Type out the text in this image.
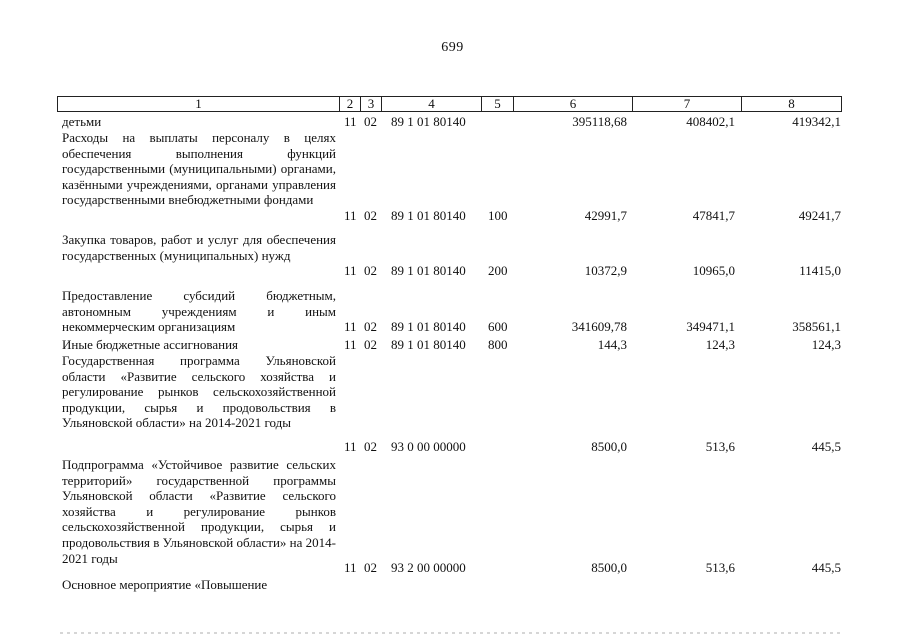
699
1	2	3	4	5	6	7	8
детьми	11 02 89 1 01 80140	395118,68	408402,1	419342,1
Расходы на выплаты персоналу в целях обеспечения выполнения функций государственными (муниципальными) органами, казёнными учреждениями, органами управления государственными внебюджетными фондами
11 02 89 1 01 80140 100	42991,7	47841,7	49241,7
Закупка товаров, работ и услуг для обеспечения государственных (муниципальных) нужд
11 02 89 1 01 80140 200	10372,9	10965,0	11415,0
Предоставление субсидий бюджетным, автономным учреждениям и иным некоммерческим организациям	11 02 89 1 01 80140 600	341609,78	349471,1	358561,1
Иные бюджетные ассигнования	11 02 89 1 01 80140 800	144,3	124,3	124,3
Государственная программа Ульяновской области «Развитие сельского хозяйства и регулирование рынков сельскохозяйственной продукции, сырья и продовольствия в Ульяновской области» на 2014-2021 годы
11 02 93 0 00 00000	8500,0	513,6	445,5
Подпрограмма «Устойчивое развитие сельских территорий» государственной программы Ульяновской области «Развитие сельского хозяйства и регулирование рынков сельскохозяйственной продукции, сырья и продовольствия в Ульяновской области» на 2014-2021 годы
11 02 93 2 00 00000	8500,0	513,6	445,5
Основное мероприятие «Повышение
